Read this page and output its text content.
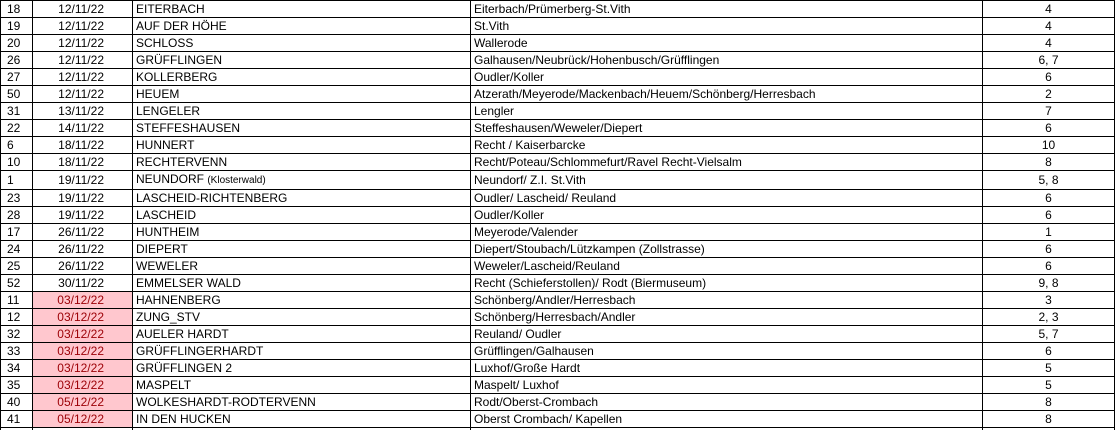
18	12/11/22	EITERBACH	Eiterbach/Prümerberg-St.Vith	4
19	12/11/22	AUF DER HÖHE	St.Vith	4
20	12/11/22	SCHLOSS	Wallerode	4
26	12/11/22	GRÜFFLINGEN	Galhausen/Neubrück/Hohenbusch/Grüfflingen	6, 7
27	12/11/22	KOLLERBERG	Oudler/Koller	6
50	12/11/22	HEUEM	Atzerath/Meyerode/Mackenbach/Heuem/Schönberg/Herresbach	2
31	13/11/22	LENGELER	Lengler	7
22	14/11/22	STEFFESHAUSEN	Steffeshausen/Weweler/Diepert	6
6	18/11/22	HUNNERT	Recht / Kaiserbarcke	10
10	18/11/22	RECHTERVENN	Recht/Poteau/Schlommefurt/Ravel Recht-Vielsalm	8
1	19/11/22	NEUNDORF (Klosterwald)	Neundorf/ Z.I. St.Vith	5, 8
23	19/11/22	LASCHEID-RICHTENBERG	Oudler/ Lascheid/ Reuland	6
28	19/11/22	LASCHEID	Oudler/Koller	6
17	26/11/22	HUNTHEIM	Meyerode/Valender	1
24	26/11/22	DIEPERT	Diepert/Stoubach/Lützkampen (Zollstrasse)	6
25	26/11/22	WEWELER	Weweler/Lascheid/Reuland	6
52	30/11/22	EMMELSER WALD	Recht (Schieferstollen)/ Rodt (Biermuseum)	9, 8
11	03/12/22	HAHNENBERG	Schönberg/Andler/Herresbach	3
12	03/12/22	ZUNG_STV	Schönberg/Herresbach/Andler	2, 3
32	03/12/22	AUELER HARDT	Reuland/ Oudler	5, 7
33	03/12/22	GRÜFFLINGERHARDT	Grüfflingen/Galhausen	6
34	03/12/22	GRÜFFLINGEN 2	Luxhof/Große Hardt	5
35	03/12/22	MASPELT	Maspelt/ Luxhof	5
40	05/12/22	WOLKESHARDT-RODTERVENN	Rodt/Oberst-Crombach	8
41	05/12/22	IN DEN HUCKEN	Oberst Crombach/ Kapellen	8
